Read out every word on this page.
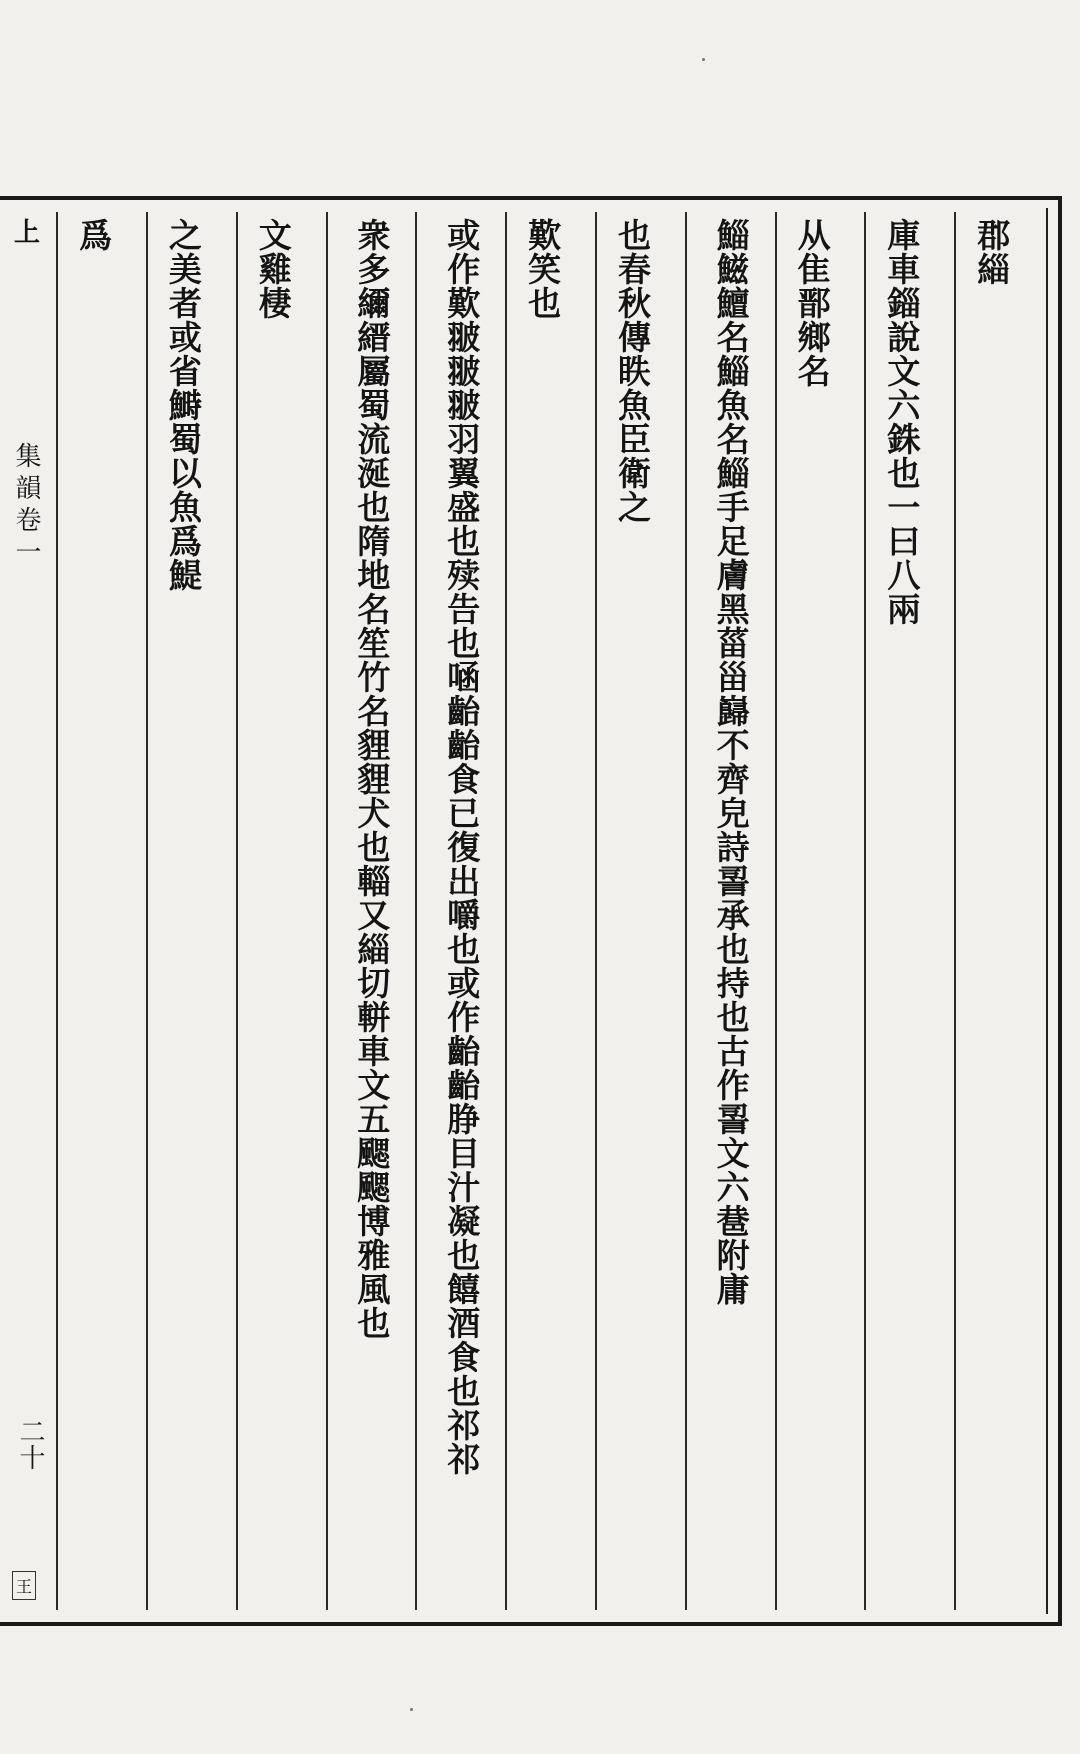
上
集韻卷一
二十
王
郡緇
庫車錙說文六銖也一曰八兩
从隹鄑鄉名
鯔鰦鱣名鯔魚名鯔手足膚黑菑甾巋不齊皃詩䛐承也持也古作䛐文六䢽附庸
也春秋傳眣魚臣衛之
歎笑也
或作歎翍翍翍羽翼盛也㱩告也㖤齝齝食已復出嚼也或作齝齝㬹目汁凝也饎酒食也祁祁
衆多䌤縉屬蜀流涎也隋地名笙竹名貍貍犬也輜又緇切軿車文五颸颸博雅風也
文雞棲
之美者或省鰣蜀以魚爲鯷
爲
